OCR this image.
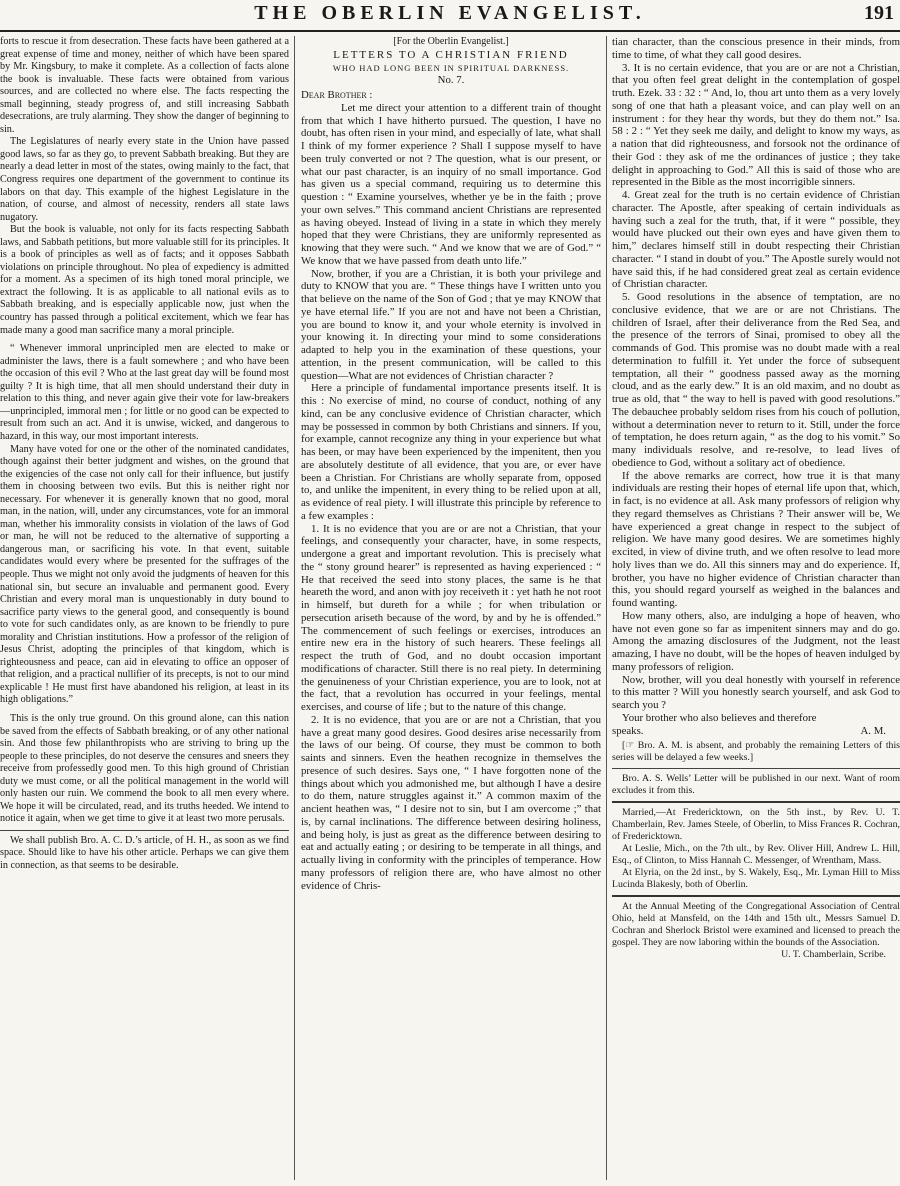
THE OBERLIN EVANGELIST.	191

forts to rescue it from desecration. These facts have been gathered at a great expense of time and money, neither of which have been spared by Mr. Kingsbury, to make it complete. As a collection of facts alone the book is invaluable. These facts were obtained from various sources, and are collected no where else. The facts respecting the small beginning, steady progress of, and still increasing Sabbath desecrations, are truly alarming. They show the danger of beginning to sin.

The Legislatures of nearly every state in the Union have passed good laws, so far as they go, to prevent Sabbath breaking. But they are nearly a dead letter in most of the states, owing mainly to the fact, that Congress requires one department of the government to continue its labors on that day. This example of the highest Legislature in the nation, of course, and almost of necessity, renders all state laws nugatory.

But the book is valuable, not only for its facts respecting Sabbath laws, and Sabbath petitions, but more valuable still for its principles. It is a book of principles as well as of facts; and it opposes Sabbath violations on principle throughout. No plea of expediency is admitted for a moment. As a specimen of its high toned moral principle, we extract the following. It is as applicable to all national evils as to Sabbath breaking, and is especially applicable now, just when the country has passed through a political excitement, which we fear has made many a good man sacrifice many a moral principle.

“ Whenever immoral unprincipled men are elected to make or administer the laws, there is a fault somewhere ; and who have been the occasion of this evil ? Who at the last great day will be found most guilty ? It is high time, that all men should understand their duty in relation to this thing, and never again give their vote for law-breakers—unprincipled, immoral men ; for little or no good can be expected to result from such an act. And it is unwise, wicked, and dangerous to hazard, in this way, our most important interests.

Many have voted for one or the other of the nominated candidates, though against their better judgment and wishes, on the ground that the exigencies of the case not only call for their influence, but justify them in choosing between two evils. But this is neither right nor necessary. For whenever it is generally known that no good, moral man, in the nation, will, under any circumstances, vote for an immoral man, whether his immorality consists in violation of the laws of God or man, he will not be reduced to the alternative of supporting a dangerous man, or sacrificing his vote. In that event, suitable candidates would every where be presented for the suffrages of the people. Thus we might not only avoid the judgments of heaven for this national sin, but secure an invaluable and permanent good. Every Christian and every moral man is unquestionably in duty bound to sacrifice party views to the general good, and consequently is bound to vote for such candidates only, as are known to be friendly to pure morality and Christian institutions. How a professor of the religion of Jesus Christ, adopting the principles of that kingdom, which is righteousness and peace, can aid in elevating to office an opposer of that religion, and a practical nullifier of its precepts, is not to our mind explicable ! He must first have abandoned his religion, at least in its high obligations.”

This is the only true ground. On this ground alone, can this nation be saved from the effects of Sabbath breaking, or of any other national sin. And those few philanthropists who are striving to bring up the people to these principles, do not deserve the censures and sneers they receive from professedly good men. To this high ground of Christian duty we must come, or all the political management in the world will only hasten our ruin. We commend the book to all men every where. We hope it will be circulated, read, and its truths heeded. We intend to notice it again, when we get time to give it at least two more perusals.

We shall publish Bro. A. C. D.’s article, of H. H., as soon as we find space. Should like to have his other article. Perhaps we can give them in connection, as that seems to be desirable.

[For the Oberlin Evangelist.]

LETTERS TO A CHRISTIAN FRIEND

WHO HAD LONG BEEN IN SPIRITUAL DARKNESS.

No. 7.

Dear Brother :

Let me direct your attention to a different train of thought from that which I have hitherto pursued. The question, I have no doubt, has often risen in your mind, and especially of late, what shall I think of my former experience ? Shall I suppose myself to have been truly converted or not ? The question, what is our present, or what our past character, is an inquiry of no small importance. God has given us a special command, requiring us to determine this question : “ Examine yourselves, whether ye be in the faith ; prove your own selves.” This command ancient Christians are represented as having obeyed. Instead of living in a state in which they merely hoped that they were Christians, they are uniformly represented as knowing that they were such. “ And we know that we are of God.” “ We know that we have passed from death unto life.”

Now, brother, if you are a Christian, it is both your privilege and duty to KNOW that you are. “ These things have I written unto you that believe on the name of the Son of God ; that ye may KNOW that ye have eternal life.” If you are not and have not been a Christian, you are bound to know it, and your whole eternity is involved in your knowing it. In directing your mind to some considerations adapted to help you in the examination of these questions, your attention, in the present communication, will be called to this question—What are not evidences of Christian character ?

Here a principle of fundamental importance presents itself. It is this : No exercise of mind, no course of conduct, nothing of any kind, can be any conclusive evidence of Christian character, which may be possessed in common by both Christians and sinners. If you, for example, cannot recognize any thing in your experience but what has been, or may have been experienced by the impenitent, then you are absolutely destitute of all evidence, that you are, or ever have been a Christian. For Christians are wholly separate from, opposed to, and unlike the impenitent, in every thing to be relied upon at all, as evidence of real piety. I will illustrate this principle by reference to a few examples :

1. It is no evidence that you are or are not a Christian, that your feelings, and consequently your character, have, in some respects, undergone a great and important revolution. This is precisely what the “ stony ground hearer” is represented as having experienced : “ He that received the seed into stony places, the same is he that heareth the word, and anon with joy receiveth it : yet hath he not root in himself, but dureth for a while ; for when tribulation or persecution ariseth because of the word, by and by he is offended.” The commencement of such feelings or exercises, introduces an entire new era in the history of such hearers. These feelings all respect the truth of God, and no doubt occasion important modifications of character. Still there is no real piety. In determining the genuineness of your Christian experience, you are to look, not at the fact, that a revolution has occurred in your feelings, mental exercises, and course of life ; but to the nature of this change.

2. It is no evidence, that you are or are not a Christian, that you have a great many good desires. Good desires arise necessarily from the laws of our being. Of course, they must be common to both saints and sinners. Even the heathen recognize in themselves the presence of such desires. Says one, “ I have forgotten none of the things about which you admonished me, but although I have a desire to do them, nature struggles against it.” A common maxim of the ancient heathen was, “ I desire not to sin, but I am overcome ;” that is, by carnal inclinations. The difference between desiring holiness, and being holy, is just as great as the difference between desiring to eat and actually eating ; or desiring to be temperate in all things, and actually living in conformity with the principles of temperance. How many professors of religion there are, who have almost no other evidence of Chris-

tian character, than the conscious presence in their minds, from time to time, of what they call good desires.

3. It is no certain evidence, that you are or are not a Christian, that you often feel great delight in the contemplation of gospel truth. Ezek. 33 : 32 : “ And, lo, thou art unto them as a very lovely song of one that hath a pleasant voice, and can play well on an instrument : for they hear thy words, but they do them not.” Isa. 58 : 2 : “ Yet they seek me daily, and delight to know my ways, as a nation that did righteousness, and forsook not the ordinance of their God : they ask of me the ordinances of justice ; they take delight in approaching to God.” All this is said of those who are represented in the Bible as the most incorrigible sinners.

4. Great zeal for the truth is no certain evidence of Christian character. The Apostle, after speaking of certain individuals as having such a zeal for the truth, that, if it were “ possible, they would have plucked out their own eyes and have given them to him,” declares himself still in doubt respecting their Christian character. “ I stand in doubt of you.” The Apostle surely would not have said this, if he had considered great zeal as certain evidence of Christian character.

5. Good resolutions in the absence of temptation, are no conclusive evidence, that we are or are not Christians. The children of Israel, after their deliverance from the Red Sea, and the presence of the terrors of Sinai, promised to obey all the commands of God. This promise was no doubt made with a real determination to fulfill it. Yet under the force of subsequent temptation, all their “ goodness passed away as the morning cloud, and as the early dew.” It is an old maxim, and no doubt as true as old, that “ the way to hell is paved with good resolutions.” The debauchee probably seldom rises from his couch of pollution, without a determination never to return to it. Still, under the force of temptation, he does return again, “ as the dog to his vomit.” So many individuals resolve, and re-resolve, to lead lives of obedience to God, without a solitary act of obedience.

If the above remarks are correct, how true it is that many individuals are resting their hopes of eternal life upon that, which, in fact, is no evidence at all. Ask many professors of religion why they regard themselves as Christians ? Their answer will be, We have experienced a great change in respect to the subject of religion. We have many good desires. We are sometimes highly excited, in view of divine truth, and we often resolve to lead more holy lives than we do. All this sinners may and do experience. If, brother, you have no higher evidence of Christian character than this, you should regard yourself as weighed in the balances and found wanting.

How many others, also, are indulging a hope of heaven, who have not even gone so far as impenitent sinners may and do go. Among the amazing disclosures of the Judgment, not the least amazing, I have no doubt, will be the hopes of heaven indulged by many professors of religion.

Now, brother, will you deal honestly with yourself in reference to this matter ? Will you honestly search yourself, and ask God to search you ?

Your brother who also believes and therefore

speaks.	A. M.

[☞ Bro. A. M. is absent, and probably the remaining Letters of this series will be delayed a few weeks.]

Bro. A. S. Wells’ Letter will be published in our next. Want of room excludes it from this.

Married,—At Fredericktown, on the 5th inst., by Rev. U. T. Chamberlain, Rev. James Steele, of Oberlin, to Miss Frances R. Cochran, of Fredericktown.

At Leslie, Mich., on the 7th ult., by Rev. Oliver Hill, Andrew L. Hill, Esq., of Clinton, to Miss Hannah C. Messenger, of Wrentham, Mass.

At Elyria, on the 2d inst., by S. Wakely, Esq., Mr. Lyman Hill to Miss Lucinda Blakesly, both of Oberlin.

At the Annual Meeting of the Congregational Association of Central Ohio, held at Mansfeld, on the 14th and 15th ult., Messrs Samuel D. Cochran and Sherlock Bristol were examined and licensed to preach the gospel. They are now laboring within the bounds of the Association.

U. T. Chamberlain, Scribe.
